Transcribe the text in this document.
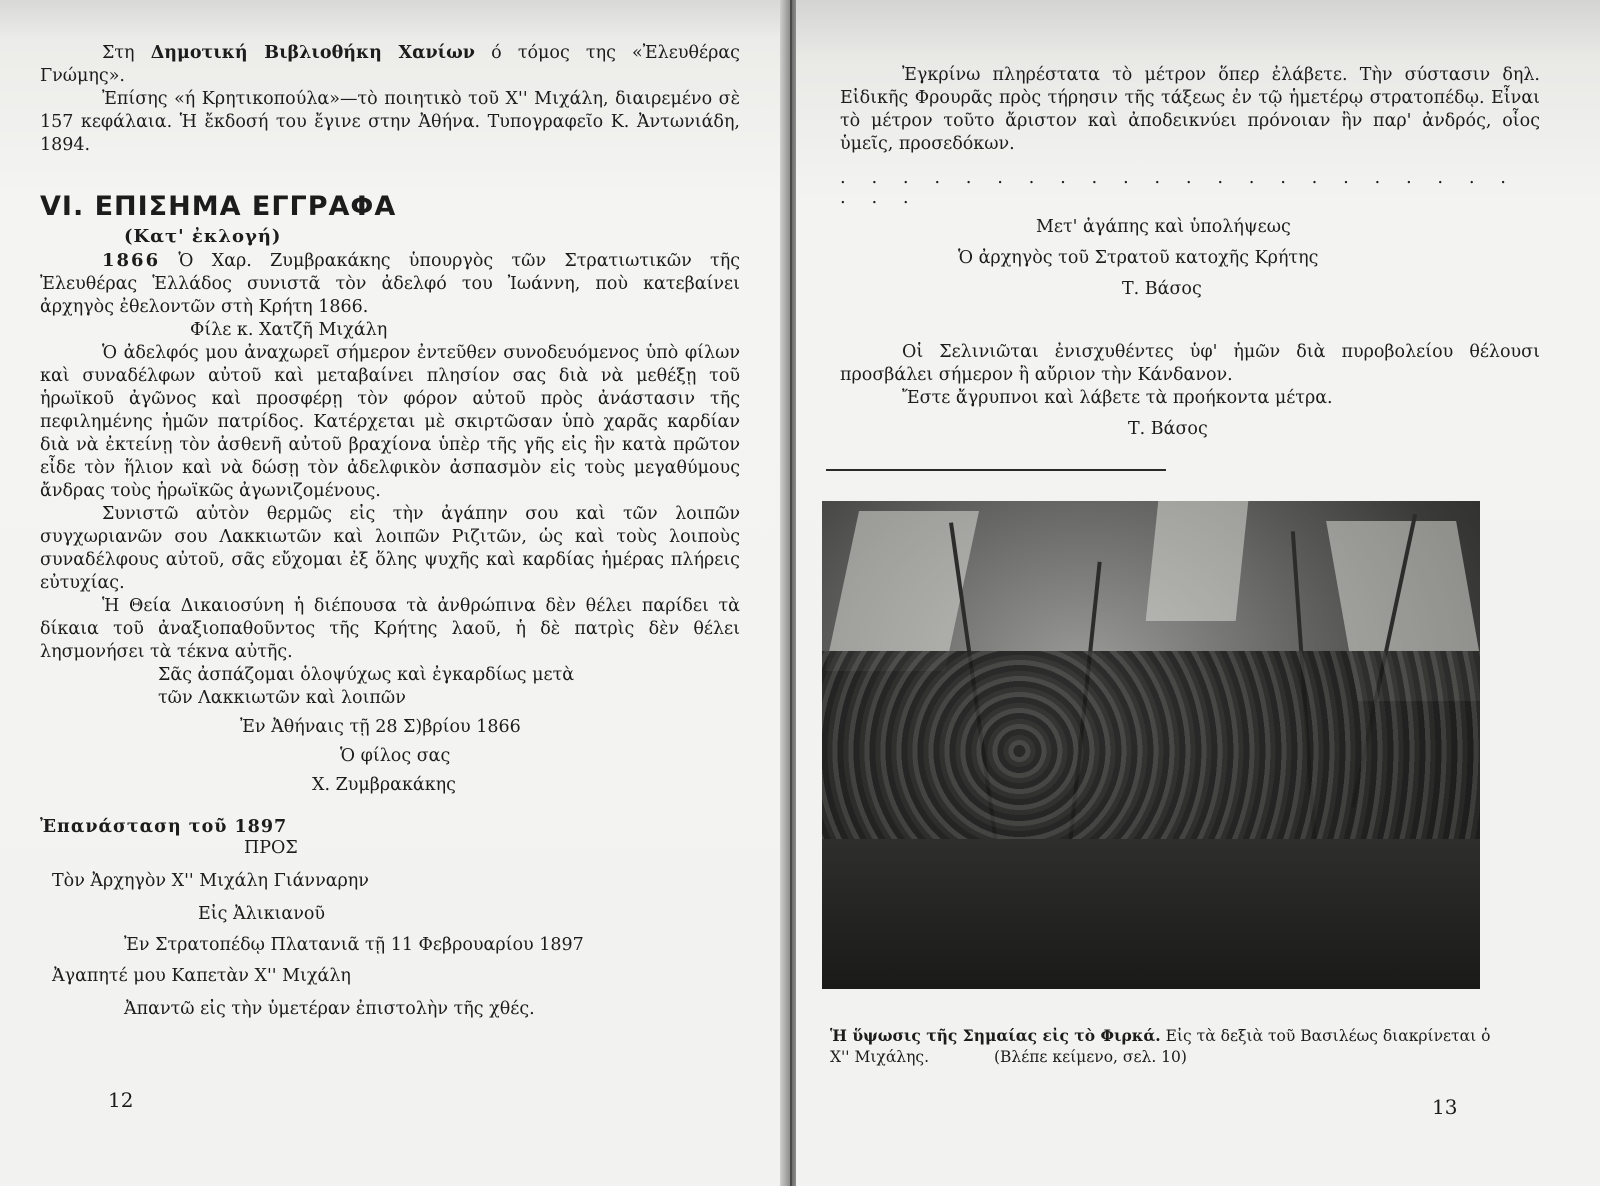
Στη Δημοτική Βιβλιοθήκη Χανίων ό τόμος της «Ἐλευθέρας Γνώμης».

Ἐπίσης «ή Κρητικοπούλα»—τὸ ποιητικὸ τοῦ Χ'' Μιχάλη, διαιρεμένο σὲ 157 κεφάλαια. Ἡ ἔκδοσή του ἔγινε στην Ἀθήνα. Τυπογραφεῖο Κ. Ἀντωνιάδη, 1894.

VI. ΕΠΙΣΗΜΑ ΕΓΓΡΑΦΑ
(Κατ' ἐκλογή)

1866 Ὁ Χαρ. Ζυμβρακάκης ὑπουργὸς τῶν Στρατιωτικῶν τῆς Ἐλευθέρας Ἑλλάδος συνιστᾶ τὸν ἀδελφό του Ἰωάννη, ποὺ κατεβαίνει ἀρχηγὸς ἐθελοντῶν στὴ Κρήτη 1866.

Φίλε κ. Χατζῆ Μιχάλη

Ὁ ἀδελφός μου ἀναχωρεῖ σήμερον ἐντεῦθεν συνοδευόμενος ὑπὸ φίλων καὶ συναδέλφων αὐτοῦ καὶ μεταβαίνει πλησίον σας διὰ νὰ μεθέξῃ τοῦ ἡρωϊκοῦ ἀγῶνος καὶ προσφέρῃ τὸν φόρον αὐτοῦ πρὸς ἀνάστασιν τῆς πεφιλημένης ἡμῶν πατρίδος. Κατέρχεται μὲ σκιρτῶσαν ὑπὸ χαρᾶς καρδίαν διὰ νὰ ἐκτείνῃ τὸν ἀσθενῆ αὐτοῦ βραχίονα ὑπὲρ τῆς γῆς εἰς ἣν κατὰ πρῶτον εἶδε τὸν ἥλιον καὶ νὰ δώσῃ τὸν ἀδελφικὸν ἀσπασμὸν εἰς τοὺς μεγαθύμους ἄνδρας τοὺς ἡρωϊκῶς ἀγωνιζομένους.

Συνιστῶ αὐτὸν θερμῶς εἰς τὴν ἀγάπην σου καὶ τῶν λοιπῶν συγχωριανῶν σου Λακκιωτῶν καὶ λοιπῶν Ριζιτῶν, ὡς καὶ τοὺς λοιποὺς συναδέλφους αὐτοῦ, σᾶς εὔχομαι ἐξ ὅλης ψυχῆς καὶ καρδίας ἡμέρας πλήρεις εὐτυχίας.

Ἡ Θεία Δικαιοσύνη ἡ διέπουσα τὰ ἀνθρώπινα δὲν θέλει παρίδει τὰ δίκαια τοῦ ἀναξιοπαθοῦντος τῆς Κρήτης λαοῦ, ἡ δὲ πατρὶς δὲν θέλει λησμονήσει τὰ τέκνα αὐτῆς.

Σᾶς ἀσπάζομαι ὁλοψύχως καὶ ἐγκαρδίως μετὰ

τῶν Λακκιωτῶν καὶ λοιπῶν

Ἐν Ἀθήναις τῇ 28 Σ)βρίου 1866

Ὁ φίλος σας

Χ. Ζυμβρακάκης

Ἐπανάσταση τοῦ 1897

ΠΡΟΣ

Τὸν Ἀρχηγὸν Χ'' Μιχάλη Γιάνναρην

Εἰς Ἀλικιανοῦ

Ἐν Στρατοπέδῳ Πλατανιᾶ τῇ 11 Φεβρουαρίου 1897

Ἀγαπητέ μου Καπετὰν Χ'' Μιχάλη

Ἀπαντῶ εἰς τὴν ὑμετέραν ἐπιστολὴν τῆς χθές.

12

Ἐγκρίνω πληρέστατα τὸ μέτρον ὅπερ ἐλάβετε. Τὴν σύστασιν δηλ. Εἰδικῆς Φρουρᾶς πρὸς τήρησιν τῆς τάξεως ἐν τῷ ἡμετέρῳ στρατοπέδῳ. Εἶναι τὸ μέτρον τοῦτο ἄριστον καὶ ἀποδεικνύει πρόνοιαν ἣν παρ' ἀνδρός, οἷος ὑμεῖς, προσεδόκων.

. . . . . . . . . . . . . . . . . . . . . . . . .

Μετ' ἀγάπης καὶ ὑπολήψεως

Ὁ ἀρχηγὸς τοῦ Στρατοῦ κατοχῆς Κρήτης

Τ. Βάσος

Οἱ Σελινιῶται ἐνισχυθέντες ὑφ' ἡμῶν διὰ πυροβολείου θέλουσι προσβάλει σήμερον ἢ αὔριον τὴν Κάνδανον.

Ἔστε ἄγρυπνοι καὶ λάβετε τὰ προήκοντα μέτρα.

Τ. Βάσος

Ἡ ὕψωσις τῆς Σημαίας εἰς τὸ Φιρκά. Εἰς τὰ δεξιὰ τοῦ Βασιλέως διακρίνεται ὁ Χ'' Μιχάλης.	(Βλέπε κείμενο, σελ. 10)
13
